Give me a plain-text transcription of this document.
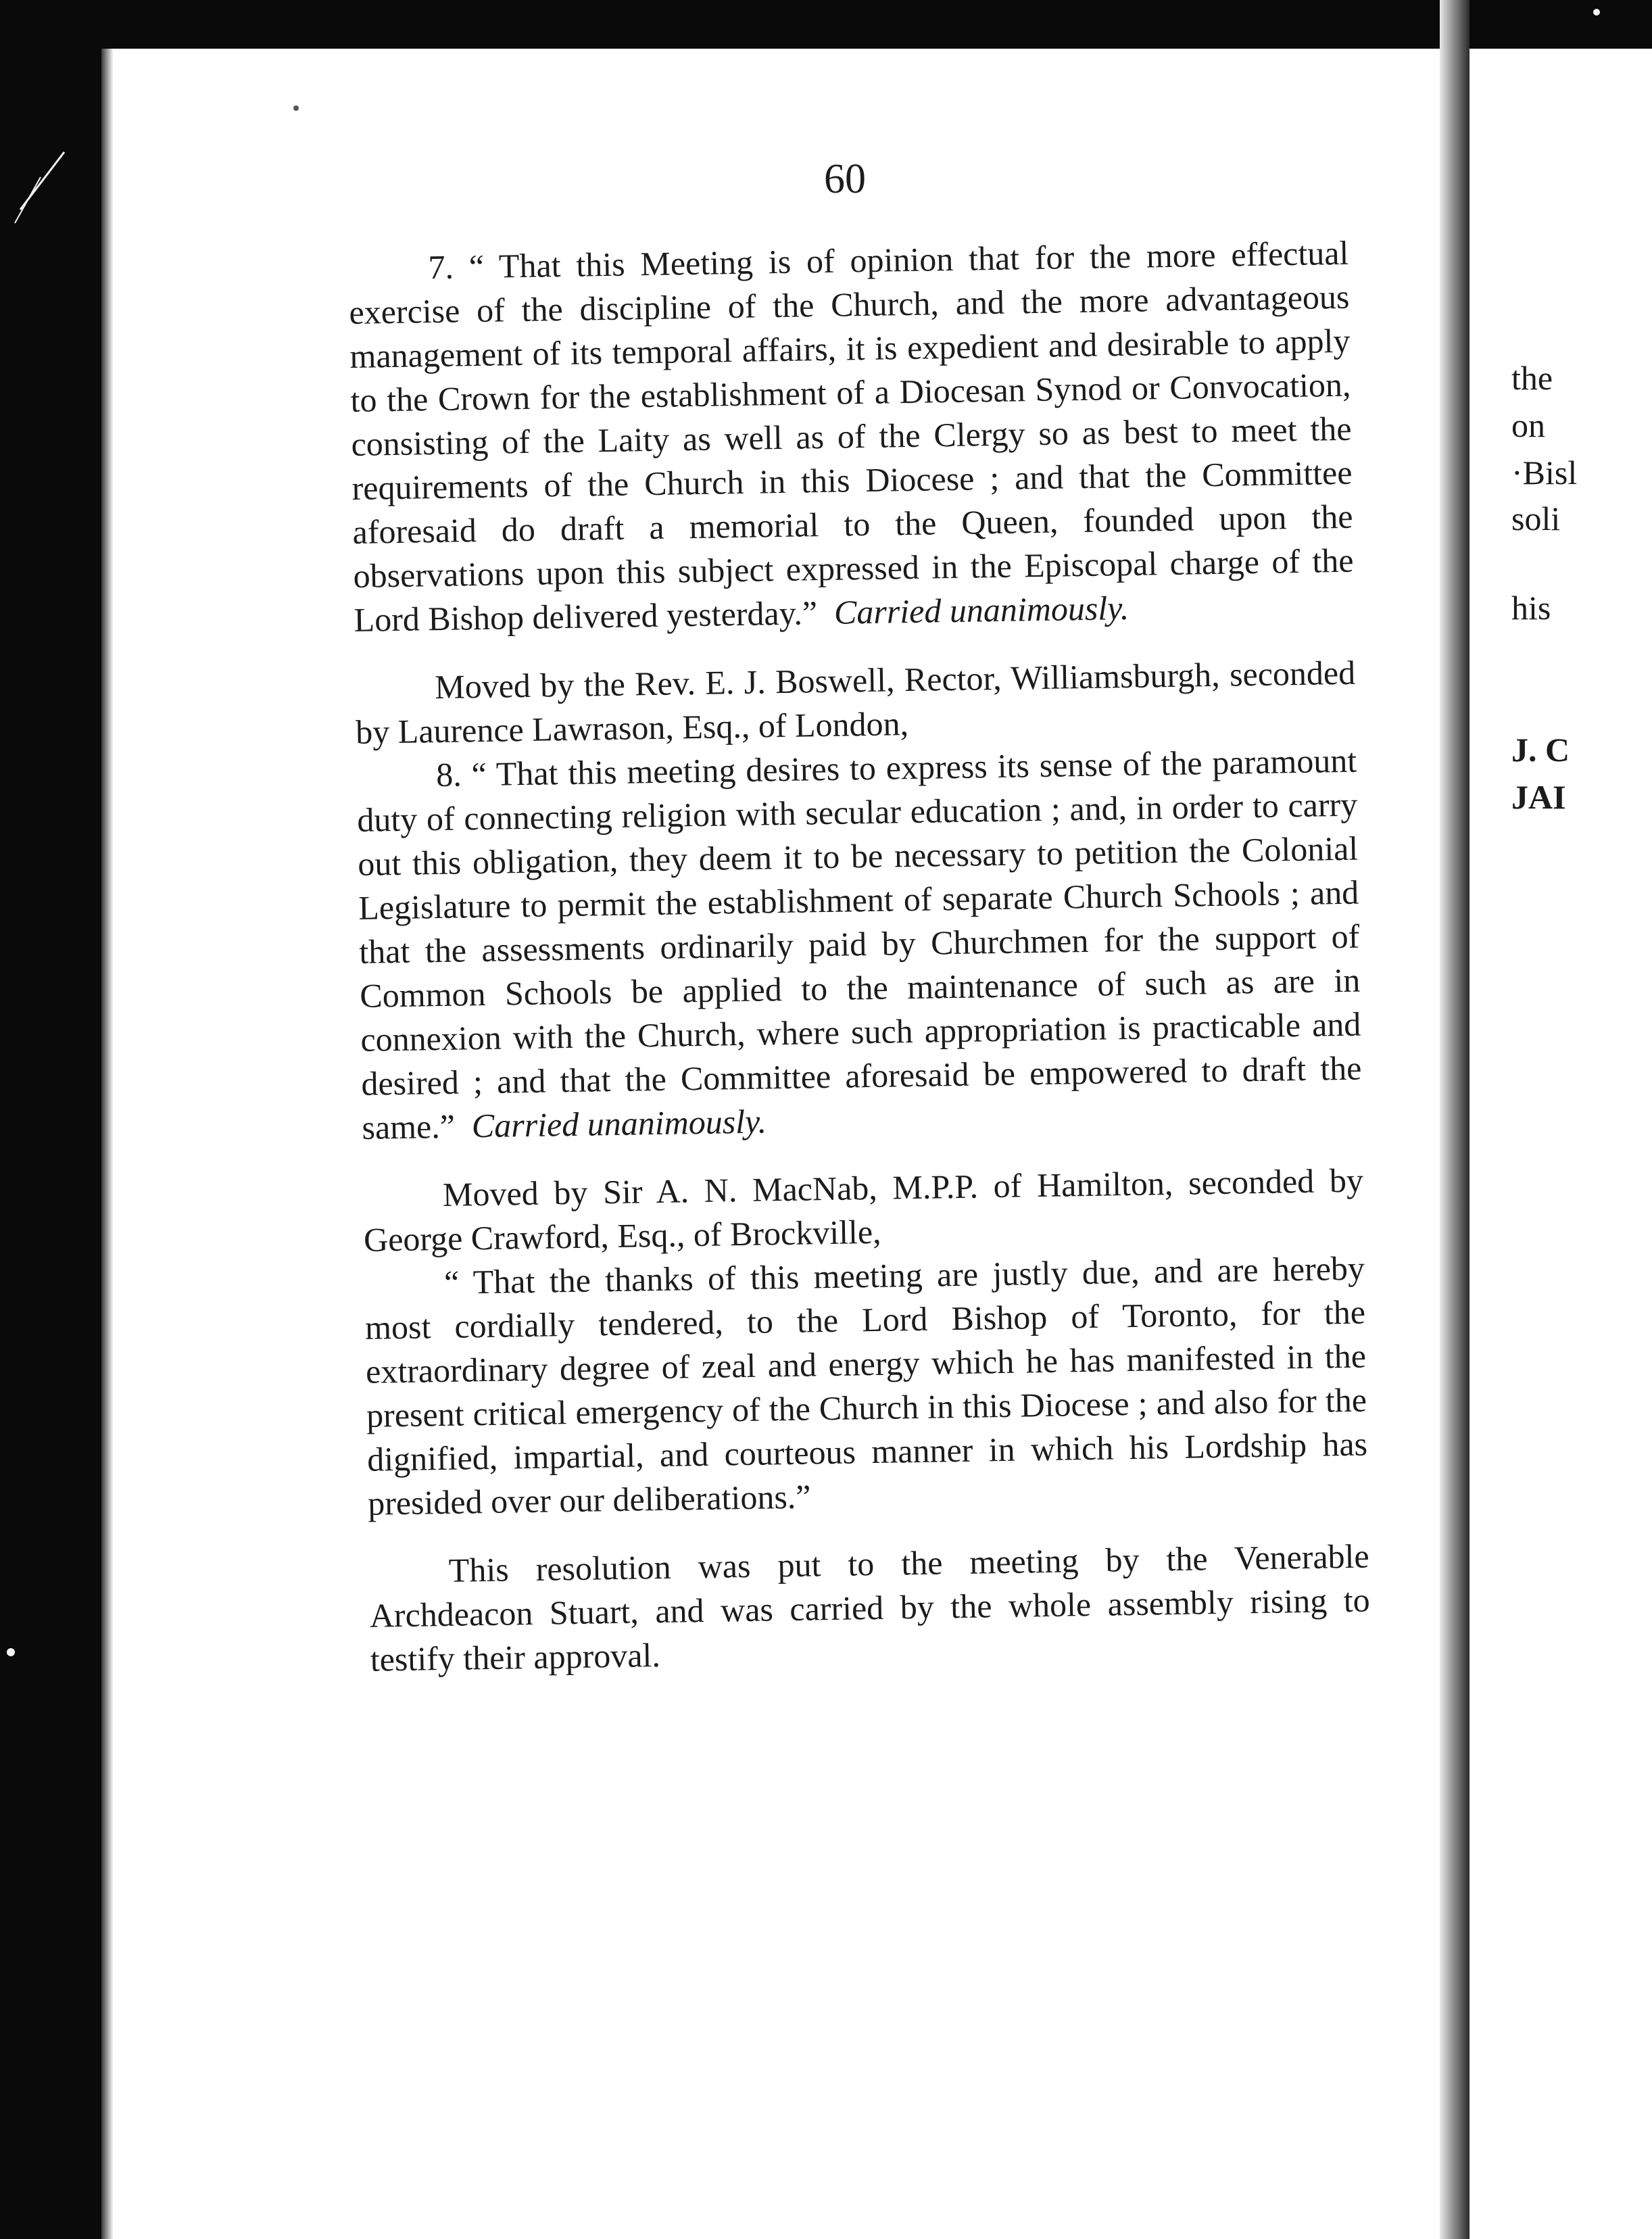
60

7. “ That this Meeting is of opinion that for the more effectual exercise of the discipline of the Church, and the more advantageous management of its temporal affairs, it is expedient and desirable to apply to the Crown for the establishment of a Diocesan Synod or Convocation, consisting of the Laity as well as of the Clergy so as best to meet the requirements of the Church in this Diocese ; and that the Committee aforesaid do draft a memorial to the Queen, founded upon the observations upon this subject expressed in the Episcopal charge of the Lord Bishop delivered yesterday.” Carried unanimously.

Moved by the Rev. E. J. Boswell, Rector, Williamsburgh, seconded by Laurence Lawrason, Esq., of London,

8. “ That this meeting desires to express its sense of the paramount duty of connecting religion with secular education ; and, in order to carry out this obligation, they deem it to be necessary to petition the Colonial Legislature to permit the establishment of separate Church Schools ; and that the assessments ordinarily paid by Churchmen for the support of Common Schools be applied to the maintenance of such as are in connexion with the Church, where such appropriation is practicable and desired ; and that the Committee aforesaid be empowered to draft the same.” Carried unanimously.

Moved by Sir A. N. MacNab, M.P.P. of Hamilton, seconded by George Crawford, Esq., of Brockville,

“ That the thanks of this meeting are justly due, and are hereby most cordially tendered, to the Lord Bishop of Toronto, for the extraordinary degree of zeal and energy which he has manifested in the present critical emergency of the Church in this Diocese ; and also for the dignified, impartial, and courteous manner in which his Lordship has presided over our deliberations.”

This resolution was put to the meeting by the Venerable Archdeacon Stuart, and was carried by the whole assembly rising to testify their approval.

the
on
·Bisl
soli
his
J. C
JAI
